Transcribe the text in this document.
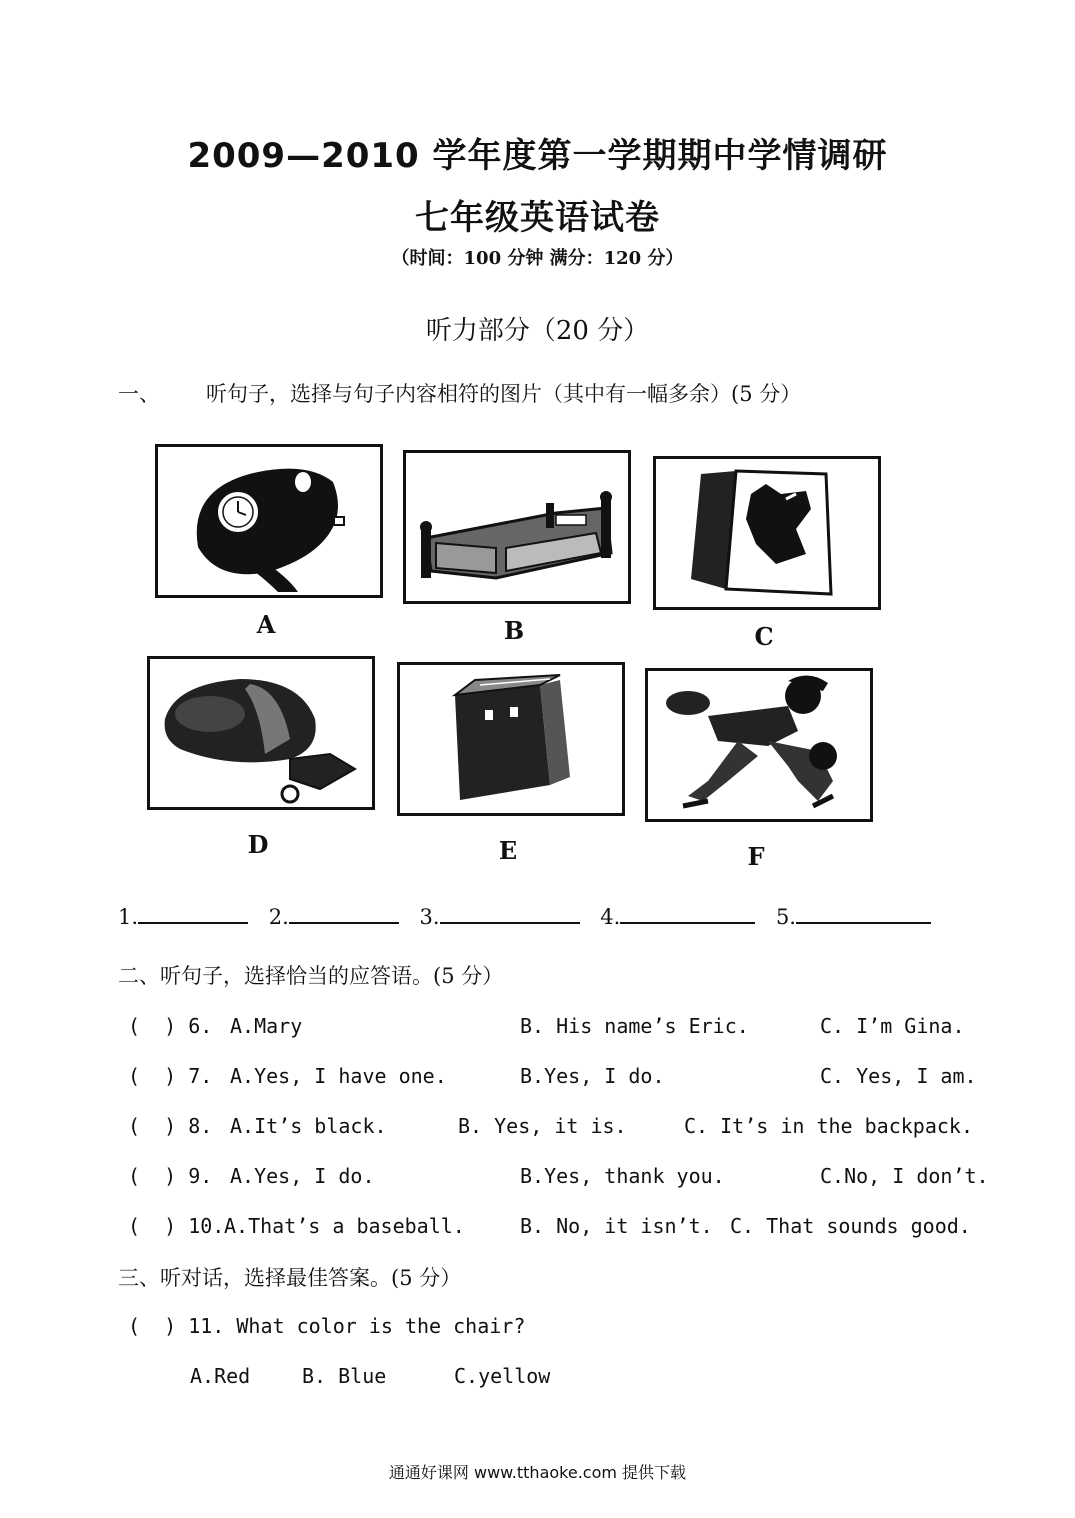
2009—2010 学年度第一学期期中学情调研
七年级英语试卷
（时间：100 分钟 满分：120 分）
听力部分（20 分）
一、 听句子，选择与句子内容相符的图片（其中有一幅多余）(5 分）
A	B	C
D	E	F
1.	2.	3.	4.	5.
二、听句子，选择恰当的应答语。(5 分）

(  ) 6.

A.Mary

	B. His name’s Eric.

	C. I’m Gina.

(  ) 7.

A.Yes, I have one.

	B.Yes, I do.

	C. Yes, I am.

(  ) 8.

A.It’s black.

	B. Yes, it is.

	C. It’s in the backpack.

(  ) 9.

A.Yes, I do.

	B.Yes, thank you.

	C.No, I don’t.

(  ) 10.

A.That’s a baseball.

	B. No, it isn’t.

C. That sounds good.

三、听对话，选择最佳答案。(5 分）

(  ) 11. What color is the chair?

A.Red

	B. Blue

	C.yellow

通通好课网 www.tthaoke.com 提供下载
